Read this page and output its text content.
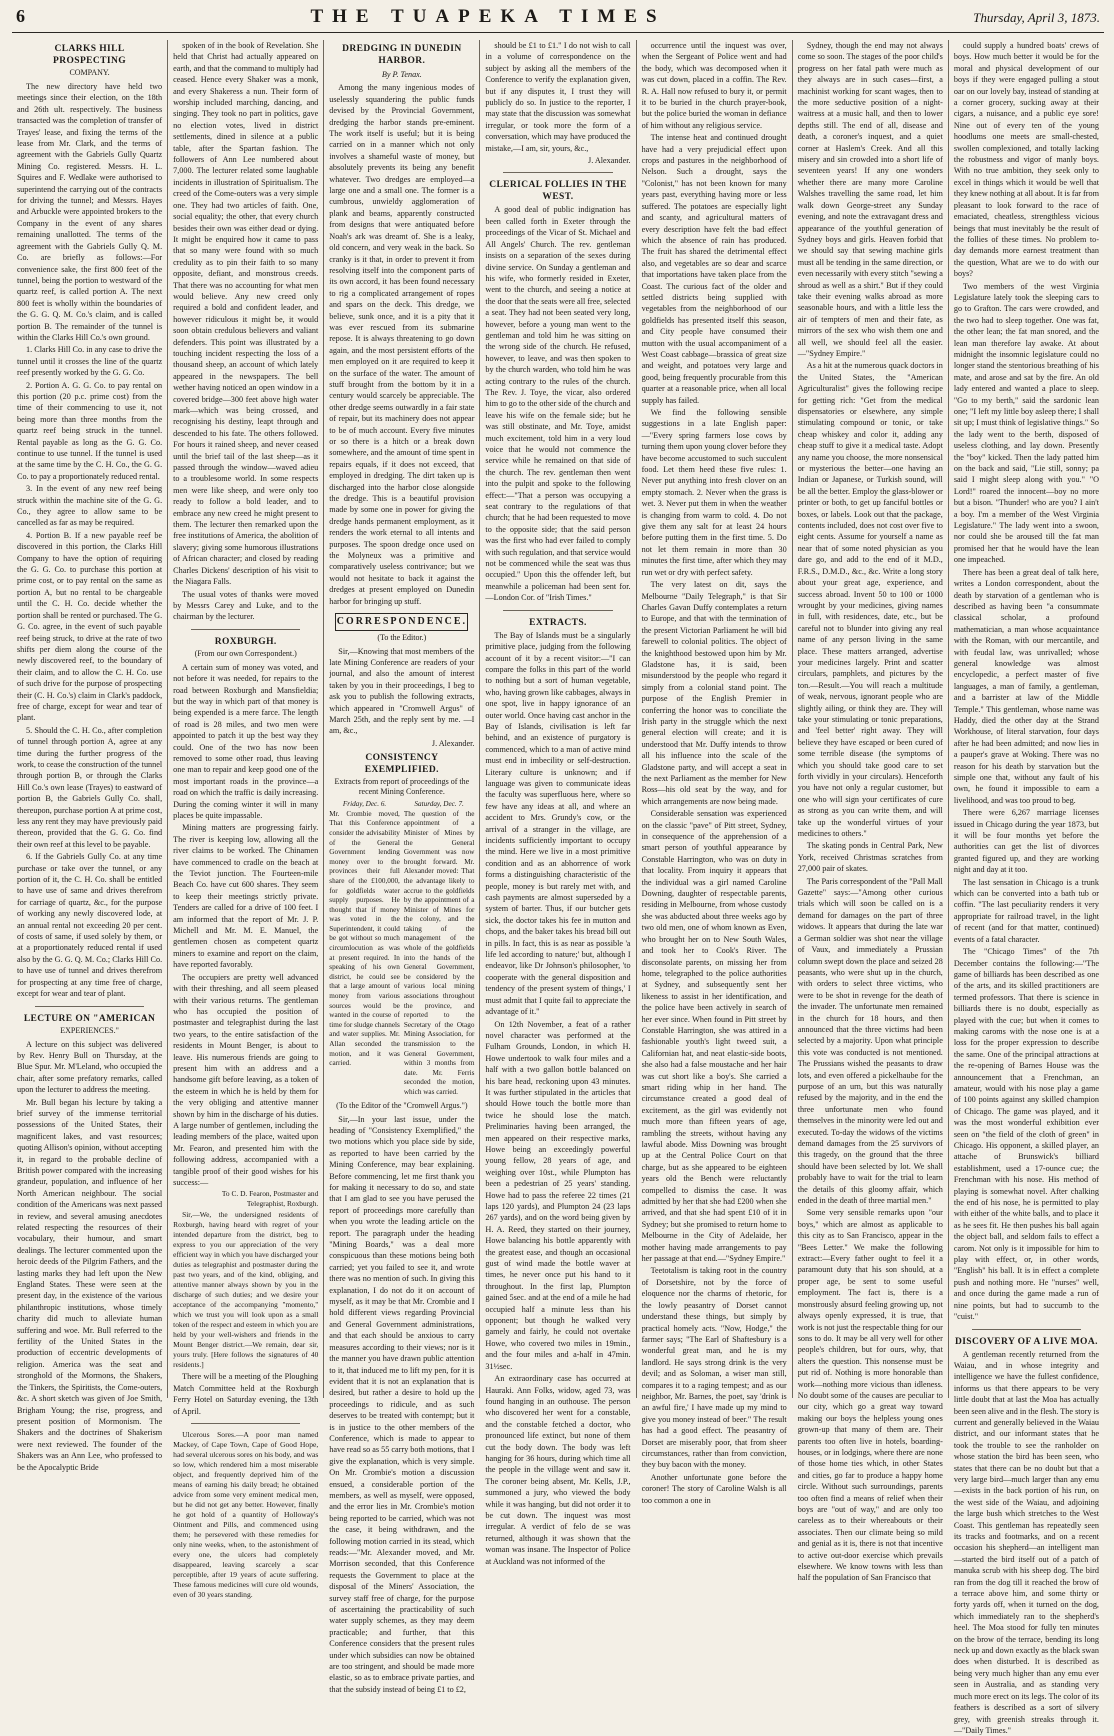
6	THE TUAPEKA TIMES	Thursday, April 3, 1873.
CLARKS HILL PROSPECTING
COMPANY.

The new directory have held two meetings since their election, on the 18th and 26th ult. respectively. The business transacted was the completion of transfer of Trayes' lease, and fixing the terms of the lease from Mr. Clark, and the terms of agreement with the Gabriels Gully Quartz Mining Co. registered. Messrs. H. L. Squires and F. Wedlake were authorised to superintend the carrying out of the contracts for driving the tunnel; and Messrs. Hayes and Arbuckle were appointed brokers to the Company in the event of any shares remaining unallotted. The terms of the agreement with the Gabriels Gully Q. M. Co. are briefly as follows:—For convenience sake, the first 800 feet of the tunnel, being the portion to westward of the quartz reef, is called portion A. The next 800 feet is wholly within the boundaries of the G. G. Q. M. Co.'s claim, and is called portion B. The remainder of the tunnel is within the Clarks Hill Co.'s own ground.

1. Clarks Hill Co. in any case to drive the tunnel until it crosses the line of the quartz reef presently worked by the G. G. Co.

2. Portion A. G. G. Co. to pay rental on this portion (20 p.c. prime cost) from the time of their commencing to use it, not being more than three months from the quartz reef being struck in the tunnel. Rental payable as long as the G. G. Co. continue to use tunnel. If the tunnel is used at the same time by the C. H. Co., the G. G. Co. to pay a proportionately reduced rental.

3. In the event of any new reef being struck within the machine site of the G. G. Co., they agree to allow same to be cancelled as far as may be required.

4. Portion B. If a new payable reef be discovered in this portion, the Clarks Hill Company to have the option of requiring the G. G. Co. to purchase this portion at prime cost, or to pay rental on the same as portion A, but no rental to be chargeable until the C. H. Co. decide whether the portion shall be rented or purchased. The G. G. Co. agree, in the event of such payable reef being struck, to drive at the rate of two shifts per diem along the course of the newly discovered reef, to the boundary of their claim, and to allow the C. H. Co. use of such drive for the purpose of prospecting their (C. H. Co.'s) claim in Clark's paddock, free of charge, except for wear and tear of plant.

5. Should the C. H. Co., after completion of tunnel through portion A, agree at any time during the further progress of the work, to cease the construction of the tunnel through portion B, or through the Clarks Hill Co.'s own lease (Trayes) to eastward of portion B, the Gabriels Gully Co. shall, thereupon, purchase portion A at prime cost, less any rent they may have previously paid thereon, provided that the G. G. Co. find their own reef at this level to be payable.

6. If the Gabriels Gully Co. at any time purchase or take over the tunnel, or any portion of it, the C. H. Co. shall be entitled to have use of same and drives therefrom for carriage of quartz, &c., for the purpose of working any newly discovered lode, at an annual rental not exceeding 20 per cent. of costs of same, if used solely by them, or at a proportionately reduced rental if used also by the G. G. Q. M. Co.; Clarks Hill Co. to have use of tunnel and drives therefrom for prospecting at any time free of charge, except for wear and tear of plant.

LECTURE ON "AMERICAN
EXPERIENCES."

A lecture on this subject was delivered by Rev. Henry Bull on Thursday, at the Blue Spur. Mr. M'Leland, who occupied the chair, after some prefatory remarks, called upon the lecturer to address the meeting.

Mr. Bull began his lecture by taking a brief survey of the immense territorial possessions of the United States, their magnificent lakes, and vast resources; quoting Allison's opinion, without accepting it, in regard to the probable decline of British power compared with the increasing grandeur, population, and influence of her North American neighbour. The social condition of the Americans was next passed in review, and several amusing anecdotes related respecting the resources of their vocabulary, their humour, and smart dealings. The lecturer commented upon the heroic deeds of the Pilgrim Fathers, and the lasting marks they had left upon the New England States. These were seen at the present day, in the existence of the various philanthropic institutions, whose timely charity did much to alleviate human suffering and woe. Mr. Bull referred to the fertility of the United States in the production of eccentric developments of religion. America was the seat and stronghold of the Mormons, the Shakers, the Tinkers, the Spiritists, the Come-outers, &c. A short sketch was given of Joe Smith, Brigham Young; the rise, progress, and present position of Mormonism. The Shakers and the doctrines of Shakerism were next reviewed. The founder of the Shakers was an Ann Lee, who professed to be the Apocalyptic Bride

spoken of in the book of Revelation. She held that Christ had actually appeared on earth, and that the command to multiply had ceased. Hence every Shaker was a monk, and every Shakeress a nun. Their form of worship included marching, dancing, and singing. They took no part in politics, gave no election votes, lived in district settlements, dined in silence at a public table, after the Spartan fashion. The followers of Ann Lee numbered about 7,000. The lecturer related some laughable incidents in illustration of Spiritualism. The creed of the Come-outers was a very simple one. They had two articles of faith. One, social equality; the other, that every church besides their own was either dead or dying. It might be enquired how it came to pass that so many were found with so much credulity as to pin their faith to so many opposite, defiant, and monstrous creeds. That there was no accounting for what men would believe. Any new creed only required a bold and confident leader, and however ridiculous it might be, it would soon obtain credulous believers and valiant defenders. This point was illustrated by a touching incident respecting the loss of a thousand sheep, an account of which lately appeared in the newspapers. The bell wether having noticed an open window in a covered bridge—300 feet above high water mark—which was being crossed, and recognising his destiny, leapt through and descended to his fate. The others followed. For hours it rained sheep, and never ceased until the brief tail of the last sheep—as it passed through the window—waved adieu to a troublesome world. In some respects men were like sheep, and were only too ready to follow a bold leader, and to embrace any new creed he might present to them. The lecturer then remarked upon the free institutions of America, the abolition of slavery; giving some humorous illustrations of African character; and closed by reading Charles Dickens' description of his visit to the Niagara Falls.

The usual votes of thanks were moved by Messrs Carey and Luke, and to the chairman by the lecturer.

ROXBURGH.
(From our own Correspondent.)

A certain sum of money was voted, and not before it was needed, for repairs to the road between Roxburgh and Mansfieldia; but the way in which part of that money is being expended is a mere farce. The length of road is 28 miles, and two men were appointed to patch it up the best way they could. One of the two has now been removed to some other road, thus leaving one man to repair and keep good one of the most important roads in the province—a road on which the traffic is daily increasing. During the coming winter it will in many places be quite impassable.

Mining matters are progressing fairly. The river is keeping low, allowing all the river claims to be worked. The Chinamen have commenced to cradle on the beach at the Teviot junction. The Fourteen-mile Beach Co. have cut 600 shares. They seem to keep their meetings strictly private. Tenders are called for a drive of 100 feet. I am informed that the report of Mr. J. P. Michell and Mr. M. E. Manuel, the gentlemen chosen as competent quartz miners to examine and report on the claim, have reported favorably.

The occupiers are pretty well advanced with their threshing, and all seem pleased with their various returns. The gentleman who has occupied the position of postmaster and telegraphist during the last two years, to the entire satisfaction of the residents in Mount Benger, is about to leave. His numerous friends are going to present him with an address and a handsome gift before leaving, as a token of the esteem in which he is held by them for the very obliging and attentive manner shown by him in the discharge of his duties. A large number of gentlemen, including the leading members of the place, waited upon Mr. Fearon, and presented him with the following address, accompanied with a tangible proof of their good wishes for his success:—

To C. D. Fearon, Postmaster and Telegraphist, Roxburgh.

Sir,—We, the undersigned residents of Roxburgh, having heard with regret of your intended departure from the district, beg to express to you our appreciation of the very efficient way in which you have discharged your duties as telegraphist and postmaster during the past two years, and of the kind, obliging, and attentive manner always shown by you in the discharge of such duties; and we desire your acceptance of the accompanying "momento," which we trust you will look upon as a small token of the respect and esteem in which you are held by your well-wishers and friends in the Mount Benger district.—We remain, dear sir, yours truly. [Here follows the signatures of 40 residents.]

There will be a meeting of the Ploughing Match Committee held at the Roxburgh Ferry Hotel on Saturday evening, the 13th of April.

Ulcerous Sores.—A poor man named Mackey, of Cape Town, Cape of Good Hope, had several ulcerous sores on his body, and was so low, which rendered him a most miserable object, and frequently deprived him of the means of earning his daily bread; he obtained advice from some very eminent medical men, but he did not get any better. However, finally he got hold of a quantity of Holloway's Ointment and Pills, and commenced using them; he persevered with these remedies for only nine weeks, when, to the astonishment of every one, the ulcers had completely disappeared, leaving scarcely a scar perceptible, after 19 years of acute suffering. These famous medicines will cure old wounds, even of 30 years standing.

DREDGING IN DUNEDIN HARBOR.
By P. Tenax.

Among the many ingenious modes of uselessly squandering the public funds devised by the Provincial Government, dredging the harbor stands pre-eminent. The work itself is useful; but it is being carried on in a manner which not only involves a shameful waste of money, but absolutely prevents its being any benefit whatever. Two dredges are employed—a large one and a small one. The former is a cumbrous, unwieldy agglomeration of plank and beams, apparently constructed from designs that were antiquated before Noah's ark was dreamt of. She is a leaky, old concern, and very weak in the back. So cranky is it that, in order to prevent it from resolving itself into the component parts of its own accord, it has been found necessary to rig a complicated arrangement of ropes and spars on the deck. This dredge, we believe, sunk once, and it is a pity that it was ever rescued from its submarine repose. It is always threatening to go down again, and the most persistent efforts of the men employed on it are required to keep it on the surface of the water. The amount of stuff brought from the bottom by it in a century would scarcely be appreciable. The other dredge seems outwardly in a fair state of repair, but its machinery does not appear to be of much account. Every five minutes or so there is a hitch or a break down somewhere, and the amount of time spent in repairs equals, if it does not exceed, that employed in dredging. The dirt taken up is discharged into the harbor close alongside the dredge. This is a beautiful provision made by some one in power for giving the dredge hands permanent employment, as it renders the work eternal to all intents and purposes. The spoon dredge once used on the Molyneux was a primitive and comparatively useless contrivance; but we would not hesitate to back it against the dredges at present employed on Dunedin harbor for bringing up stuff.

CORRESPONDENCE.
(To the Editor.)

Sir,—Knowing that most members of the late Mining Conference are readers of your journal, and also the amount of interest taken by you in their proceedings, I beg to ask you to publish the following extracts, which appeared in "Cromwell Argus" of March 25th, and the reply sent by me. —I am, &c.,

J. Alexander.

CONSISTENCY EXEMPLIFIED.
Extracts from report of proceedings of the recent Mining Conference.
Friday, Dec. 6.
Mr. Crombie moved, That this Conference consider the advisability of the General Government lending money over to the provinces their full share of the £100,000, for goldfields water supply purposes. He thought that if money was voted in the Superintendent, it could be got without so much circumlocution as was at present required. In speaking of his own district, he could see that a large amount of money from various sources would be wanted in the course of time for sludge channels and water supplies. Mr. Allan seconded the motion, and it was carried.
Saturday, Dec. 7.
The question of the appointment of a Minister of Mines by the General Government was now brought forward. Mr. Alexander moved: That the advantage likely to accrue to the goldfields by the appointment of a Minister of Mines for the colony, and the taking of the management of the whole of the goldfields into the hands of the General Government, be considered by the various local mining associations throughout the province, and reported to the Secretary of the Otago Mining Association, for transmission to the General Government, within 3 months from date. Mr. Ferris seconded the motion, which was carried.
(To the Editor of the "Cromwell Argus.")

Sir,—In your last issue, under the heading of "Consistency Exemplified," the two motions which you place side by side, as reported to have been carried by the Mining Conference, may bear explaining. Before commencing, let me first thank you for making it necessary to do so, and state that I am glad to see you have perused the report of proceedings more carefully than when you wrote the leading article on the report. The paragraph under the heading "Mining Boards," was a deal more conspicuous than these motions being both carried; yet you failed to see it, and wrote there was no mention of such. In giving this explanation, I do not do it on account of myself, as it may be that Mr. Crombie and I hold different views regarding Provincial and General Government administrations, and that each should be anxious to carry measures according to their views; nor is it the manner you have drawn public attention to it, that induced me to lift my pen, for it is evident that it is not an explanation that is desired, but rather a desire to hold up the proceedings to ridicule, and as such deserves to be treated with contempt; but it is in justice to the other members of the Conference, which is made to appear to have read so as 55 carry both motions, that I give the explanation, which is very simple. On Mr. Crombie's motion a discussion ensued, a considerable portion of the members, as well as myself, were opposed, and the error lies in Mr. Crombie's motion being reported to be carried, which was not the case, it being withdrawn, and the following motion carried in its stead, which reads:—"Mr. Alexander moved, and Mr. Morrison seconded, that this Conference requests the Government to place at the disposal of the Miners' Association, the survey staff free of charge, for the purpose of ascertaining the practicability of such water supply schemes, as they may deem practicable; and further, that this Conference considers that the present rules under which subsidies can now be obtained are too stringent, and should be made more elastic, so as to embrace private parties, and that the subsidy instead of being £1 to £2,

should be £1 to £1." I do not wish to call in a volume of correspondence on the subject by asking all the members of the Conference to verify the explanation given, but if any disputes it, I trust they will publicly do so. In justice to the reporter, I may state that the discussion was somewhat irregular, or took more the form of a conversation, which may have produced the mistake,—I am, sir, yours, &c.,

J. Alexander.

CLERICAL FOLLIES IN THE WEST.

A good deal of public indignation has been called forth in Exeter through the proceedings of the Vicar of St. Michael and All Angels' Church. The rev. gentleman insists on a separation of the sexes during divine service. On Sunday a gentleman and his wife, who formerly resided in Exeter, went to the church, and seeing a notice at the door that the seats were all free, selected a seat. They had not been seated very long, however, before a young man went to the gentleman and told him he was sitting on the wrong side of the church. He refused, however, to leave, and was then spoken to by the church warden, who told him he was acting contrary to the rules of the church. The Rev. J. Toye, the vicar, also ordered him to go to the other side of the church and leave his wife on the female side; but he was still obstinate, and Mr. Toye, amidst much excitement, told him in a very loud voice that he would not commence the service while he remained on that side of the church. The rev. gentleman then went into the pulpit and spoke to the following effect:—"That a person was occupying a seat contrary to the regulations of that church; that he had been requested to move to the opposite side; that the said person was the first who had ever failed to comply with such regulation, and that service would not be commenced while the seat was thus occupied." Upon this the offender left, but meanwhile a policeman had been sent for.—London Cor. of "Irish Times."

EXTRACTS.

The Bay of Islands must be a singularly primitive place, judging from the following account of it by a recent visitor:—"I can compare the folks in this part of the world to nothing but a sort of human vegetable, who, having grown like cabbages, always in one spot, live in happy ignorance of an outer world. Once having cast anchor in the Bay of Islands, civilisation is left far behind, and an existence of purgatory is commenced, which to a man of active mind must end in imbecility or self-destruction. Literary culture is unknown; and if language was given to communicate ideas the faculty was superfluous here, where so few have any ideas at all, and where an accident to Mrs. Grundy's cow, or the arrival of a stranger in the village, are incidents sufficiently important to occupy the mind. Here we live in a most primitive condition and as an abhorrence of work forms a distinguishing characteristic of the people, money is but rarely met with, and cash payments are almost superseded by a system of barter. Thus, if our butcher gets sick, the doctor takes his fee in mutton and chops, and the baker takes his bread bill out in pills. In fact, this is as near as possible 'a life led according to nature;' but, although I endeavor, like Dr Johnson's philosopher, 'to cooperate with the general disposition and tendency of the present system of things,' I must admit that I quite fail to appreciate the advantage of it."

On 12th November, a feat of a rather novel character was performed at the Fulham Grounds, London, in which H. Howe undertook to walk four miles and a half with a two gallon bottle balanced on his bare head, reckoning upon 43 minutes. It was further stipulated in the articles that should Howe touch the bottle more than twice he should lose the match. Preliminaries having been arranged, the men appeared on their respective marks, Howe being an exceedingly powerful young fellow, 28 years of age, and weighing over 10st., while Plumpton has been a pedestrian of 25 years' standing. Howe had to pass the referee 22 times (21 laps 120 yards), and Plumpton 24 (23 laps 267 yards), and on the word being given by H. A. Reed, they started on their journey, Howe balancing his bottle apparently with the greatest ease, and though an occasional gust of wind made the bottle waver at times, he never once put his hand to it throughout. In the first lap, Plumpton gained 5sec. and at the end of a mile he had occupied half a minute less than his opponent; but though he walked very gamely and fairly, he could not overtake Howe, who covered two miles in 19min., and the four miles and a-half in 47min. 31½sec.

An extraordinary case has occurred at Hauraki. Ann Folks, widow, aged 73, was found hanging in an outhouse. The person who discovered her went for a constable, and the constable fetched a doctor, who pronounced life extinct, but none of them cut the body down. The body was left hanging for 36 hours, during which time all the people in the village went and saw it. The coroner being absent, Mr. Kells, J.P., summoned a jury, who viewed the body while it was hanging, but did not order it to be cut down. The inquest was most irregular. A verdict of felo de se was returned, although it was shown that the woman was insane. The Inspector of Police at Auckland was not informed of the

occurrence until the inquest was over, when the Sergeant of Police went and had the body, which was decomposed when it was cut down, placed in a coffin. The Rev. R. A. Hall now refused to bury it, or permit it to be buried in the church prayer-book, but the police buried the woman in defiance of him without any religious service.

The intense heat and continued drought have had a very prejudicial effect upon crops and pastures in the neighborhood of Nelson. Such a drought, says the "Colonist," has not been known for many years past, everything having more or less suffered. The potatoes are especially light and scanty, and agricultural matters of every description have felt the bad effect which the absence of rain has produced. The fruit has shared the detrimental effect also, and vegetables are so dear and scarce that importations have taken place from the Coast. The curious fact of the older and settled districts being supplied with vegetables from the neighborhood of our goldfields has presented itself this season, and City people have consumed their mutton with the usual accompaniment of a West Coast cabbage—brassica of great size and weight, and potatoes very large and good, being frequently procurable from this quarter at a reasonable price, when all local supply has failed.

We find the following sensible suggestions in a late English paper:—"Every spring farmers lose cows by turning them upon young clover before they have become accustomed to such succulent food. Let them heed these five rules: 1. Never put anything into fresh clover on an empty stomach. 2. Never when the grass is wet. 3. Never put them in when the weather is changing from warm to cold. 4. Do not give them any salt for at least 24 hours before putting them in the first time. 5. Do not let them remain in more than 30 minutes the first time, after which they may run wet or dry with perfect safety.

The very latest on dit, says the Melbourne "Daily Telegraph," is that Sir Charles Gavan Duffy contemplates a return to Europe, and that with the termination of the present Victorian Parliament he will bid farewell to colonial politics. The object of the knighthood bestowed upon him by Mr. Gladstone has, it is said, been misunderstood by the people who regard it simply from a colonial stand point. The purpose of the English Premier in conferring the honor was to conciliate the Irish party in the struggle which the next general election will create; and it is understood that Mr. Duffy intends to throw all his influence into the scale of the Gladstone party, and will accept a seat in the next Parliament as the member for New Ross—his old seat by the way, and for which arrangements are now being made.

Considerable sensation was experienced on the classic "pave" of Pitt street, Sydney, in consequence of the apprehension of a smart person of youthful appearance by Constable Harrington, who was on duty in that locality. From inquiry it appears that the individual was a girl named Caroline Downing, daughter of respectable parents, residing in Melbourne, from whose custody she was abducted about three weeks ago by two old men, one of whom known as Even, who brought her on to New South Wales, and took her to Cook's River. The disconsolate parents, on missing her from home, telegraphed to the police authorities at Sydney, and subsequently sent her likeness to assist in her identification, and the police have been actively in search of her ever since. When found in Pitt street by Constable Harrington, she was attired in a fashionable youth's light tweed suit, a Californian hat, and neat elastic-side boots, she also had a false moustache and her hair was cut short like a boy's. She carried a smart riding whip in her hand. The circumstance created a good deal of excitement, as the girl was evidently not much more than fifteen years of age, rambling the streets, without having any lawful abode. Miss Downing was brought up at the Central Police Court on that charge, but as she appeared to be eighteen years old the Bench were reluctantly compelled to dismiss the case. It was admitted by her that she had £200 when she arrived, and that she had spent £10 of it in Sydney; but she promised to return home to Melbourne in the City of Adelaide, her mother having made arrangements to pay her passage at that end.—"Sydney Empire."

Teetotalism is taking root in the country of Dorsetshire, not by the force of eloquence nor the charms of rhetoric, for the lowly peasantry of Dorset cannot understand these things, but simply by practical homely acts. "Now, Hodge," the farmer says; "The Earl of Shaftesbury is a wonderful great man, and he is my landlord. He says strong drink is the very devil; and as Soloman, a wiser man still, compares it to a raging tempest; and as our neighbor, Mr. Barnes, the poet, say 'drink is an awful fire,' I have made up my mind to give you money instead of beer." The result has had a good effect. The peasantry of Dorset are miserably poor, that from sheer circumstances, rather than from conviction, they buy bacon with the money.

Another unfortunate gone before the coroner! The story of Caroline Walsh is all too common a one in

Sydney, though the end may not always come so soon. The stages of the poor child's progress on her fatal path were much as they always are in such cases—first, a machinist working for scant wages, then to the more seductive position of a night-waitress at a music hall, and then to lower depths still. The end of all, disease and death, a coroner's inquest, and a quiet corner at Haslem's Creek. And all this misery and sin crowded into a short life of seventeen years! If any one wonders whether there are many more Caroline Walshes travelling the same road, let him walk down George-street any Sunday evening, and note the extravagant dress and appearance of the youthful generation of Sydney boys and girls. Heaven forbid that we should say that sewing machine girls must all be tending in the same direction, or even necessarily with every stitch "sewing a shroud as well as a shirt." But if they could take their evening walks abroad as more seasonable hours, and with a little less the air of tempters of men and their fate, as mirrors of the sex who wish them one and all well, we should feel all the easier.—"Sydney Empire."

As a hit at the numerous quack doctors in the United States, the "American Agriculturalist" gives the following recipe for getting rich: "Get from the medical dispensatories or elsewhere, any simple stimulating compound or tonic, or take cheap whiskey and color it, adding any cheap stuff to give it a medical taste. Adopt any name you choose, the more nonsensical or mysterious the better—one having an Indian or Japanese, or Turkish sound, will be all the better. Employ the glass-blower or printer or both, to get up fanciful bottles or boxes, or labels. Look out that the package, contents included, does not cost over five to eight cents. Assume for yourself a name as near that of some noted physician as you dare go, and add to the end of it M.D., F.R.S., D.M.D., &c., &c. Write a long story about your great age, experience, and success abroad. Invent 50 to 100 or 1000 wrought by your medicines, giving names in full, with residences, date, etc., but be careful not to blunder into giving any real name of any person living in the same place. These matters arranged, advertise your medicines largely. Print and scatter circulars, pamphlets, and pictures by the ton.—Result.—You will reach a multitude of weak, nervous, ignorant people who are slightly ailing, or think they are. They will take your stimulating or tonic preparations, and 'feel better' right away. They will believe they have escaped or been cured of some terrible disease (the symptoms of which you should take good care to set forth vividly in your circulars). Henceforth you have not only a regular customer, but one who will sign your certificates of cure as strong as you can write them, and will take up the wonderful virtues of your medicines to others."

The skating ponds in Central Park, New York, received Christmas scratches from 27,000 pair of skates.

The Paris correspondent of the "Pall Mall Gazette" says:—"Among other curious trials which will soon be called on is a demand for damages on the part of three widows. It appears that during the late war a German soldier was shot near the village of Vaux, and immediately a Prussian column swept down the place and seized 28 peasants, who were shut up in the church, with orders to select three victims, who were to be shot in revenge for the death of the invader. The unfortunate men remained in the church for 18 hours, and then announced that the three victims had been selected by a majority. Upon what principle this vote was conducted is not mentioned. The Prussians wished the peasants to draw lots, and even offered a pickelhaube for the purpose of an urn, but this was naturally refused by the majority, and in the end the three unfortunate men who found themselves in the minority were led out and executed. To-day the widows of the victims demand damages from the 25 survivors of this tragedy, on the ground that the three should have been selected by lot. We shall probably have to wait for the trial to learn the details of this gloomy affair, which ended in the death of three martial men."

Some very sensible remarks upon "our boys," which are almost as applicable to this city as to San Francisco, appear in the "Bees Letter." We make the following extract:—Every father ought to feel it a paramount duty that his son should, at a proper age, be sent to some useful employment. The fact is, there is a monstrously absurd feeling growing up, not always openly expressed, it is true, that work is not just the respectable thing for our sons to do. It may be all very well for other people's children, but for ours, why, that alters the question. This nonsense must be put rid of. Nothing is more honorable than work—nothing more vicious than idleness. No doubt some of the causes are peculiar to our city, which go a great way toward making our boys the helpless young ones grown-up that many of them are. Their parents too often live in hotels, boarding-houses, or in lodgings, where there are none of those home ties which, in other States and cities, go far to produce a happy home circle. Without such surroundings, parents too often find a means of relief when their boys are "out of way," and are only too careless as to their whereabouts or their associates. Then our climate being so mild and genial as it is, there is not that incentive to active out-door exercise which prevails elsewhere. We know towns with less than half the population of San Francisco that

could supply a hundred boats' crews of boys. How much better it would be for the moral and physical development of our boys if they were engaged pulling a stout oar on our lovely bay, instead of standing at a corner grocery, sucking away at their cigars, a nuisance, and a public eye sore! Nine out of every ten of the young hoodlums one meets are small-chested, swollen complexioned, and totally lacking the robustness and vigor of manly boys. With no true ambition, they seek only to excel in things which it would be well that they knew nothing at all about. It is far from pleasant to look forward to the race of emaciated, cheatless, strengthless vicious beings that must inevitably be the result of the follies of these times. No problem to-day demands more earnest treatment than the question, What are we to do with our boys?

Two members of the west Virginia Legislature lately took the sleeping cars to go to Grafton. The cars were crowded, and the two had to sleep together. One was fat, the other lean; the fat man snored, and the lean man therefore lay awake. At about midnight the insomnic legislature could no longer stand the stentorious breathing of his mate, and arose and sat by the fire. An old lady entered and wanted a place to sleep. "Go to my berth," said the sardonic lean one; "I left my little boy asleep there; I shall sit up; I must think of legislative things." So the lady went to the berth, disposed of useless clothing, and lay down. Presently the "boy" kicked. Then the lady patted him on the back and said, "Lie still, sonny; pa said I might sleep along with you." "O Lord!" roared the innocent—boy no more but a bison. "Thunder! who are you? I ain't a boy. I'm a member of the West Virginia Legislature." The lady went into a swoon, nor could she be aroused till the fat man promised her that he would have the lean one impeached.

There has been a great deal of talk here, writes a London correspondent, about the death by starvation of a gentleman who is described as having been "a consummate classical scholar, a profound mathematician, a man whose acquaintance with the Roman, with our mercantile, and with feudal law, was unrivalled; whose general knowledge was almost encyclopedic, a perfect master of five languages, a man of family, a gentleman, and a barrister at law of the Middle Temple." This gentleman, whose name was Haddy, died the other day at the Strand Workhouse, of literal starvation, four days after he had been admitted; and now lies in a pauper's grave at Woking. There was no reason for his death by starvation but the simple one that, without any fault of his own, he found it impossible to earn a livelihood, and was too proud to beg.

There were 6,267 marriage licenses issued in Chicago during the year 1873, but it will be four months yet before the authorities can get the list of divorces granted figured up, and they are working night and day at it too.

The last sensation in Chicago is a trunk which can be converted into a bath tub or coffin. "The last peculiarity renders it very appropriate for railroad travel, in the light of recent (and for that matter, continued) events of a fatal character.

The "Chicago Times" of the 7th December contains the following:—"The game of billiards has been described as one of the arts, and its skilled practitioners are termed professors. That there is science in billiards there is no doubt, especially as played with the cue; but when it comes to making caroms with the nose one is at a loss for the proper expression to describe the same. One of the principal attractions at the re-opening of Barnes House was the announcement that a Frenchman, an amateur, would with his nose play a game of 100 points against any skilled champion of Chicago. The game was played, and it was the most wonderful exhibition ever seen on "the field of the cloth of green" in Chicago. His opponent, a skilled player, an attache of Brunswick's billiard establishment, used a 17-ounce cue; the Frenchman with his nose. His method of playing is somewhat novel. After chalking the end of his nose, he is permitted to play with either of the white balls, and to place it as he sees fit. He then pushes his ball again the object ball, and seldom fails to effect a carom. Not only is it impossible for him to play with effect, or, in other words, "English" his ball. It is in effect a complete push and nothing more. He "nurses" well, and once during the game made a run of nine points, but had to succumb to the "cuist."

DISCOVERY OF A LIVE MOA.

A gentleman recently returned from the Waiau, and in whose integrity and intelligence we have the fullest confidence, informs us that there appears to be very little doubt that at last the Moa has actually been seen alive and in the flesh. The story is current and generally believed in the Waiau district, and our informant states that he took the trouble to see the ranholder on whose station the bird has been seen, who states that there can be no doubt but that a very large bird—much larger than any emu—exists in the back portion of his run, on the west side of the Waiau, and adjoining the large bush which stretches to the West Coast. This gentleman has repeatedly seen its tracks and footmarks, and on a recent occasion his shepherd—an intelligent man—started the bird itself out of a patch of manuka scrub with his sheep dog. The bird ran from the dog till it reached the brow of a terrace above him, and some thirty or forty yards off, when it turned on the dog, which immediately ran to the shepherd's heel. The Moa stood for fully ten minutes on the brow of the terrace, bending its long neck up and down exactly as the black swan does when disturbed. It is described as being very much higher than any emu ever seen in Australia, and as standing very much more erect on its legs. The color of its feathers is described as a sort of silvery grey, with greenish streaks through it.—"Daily Times."
